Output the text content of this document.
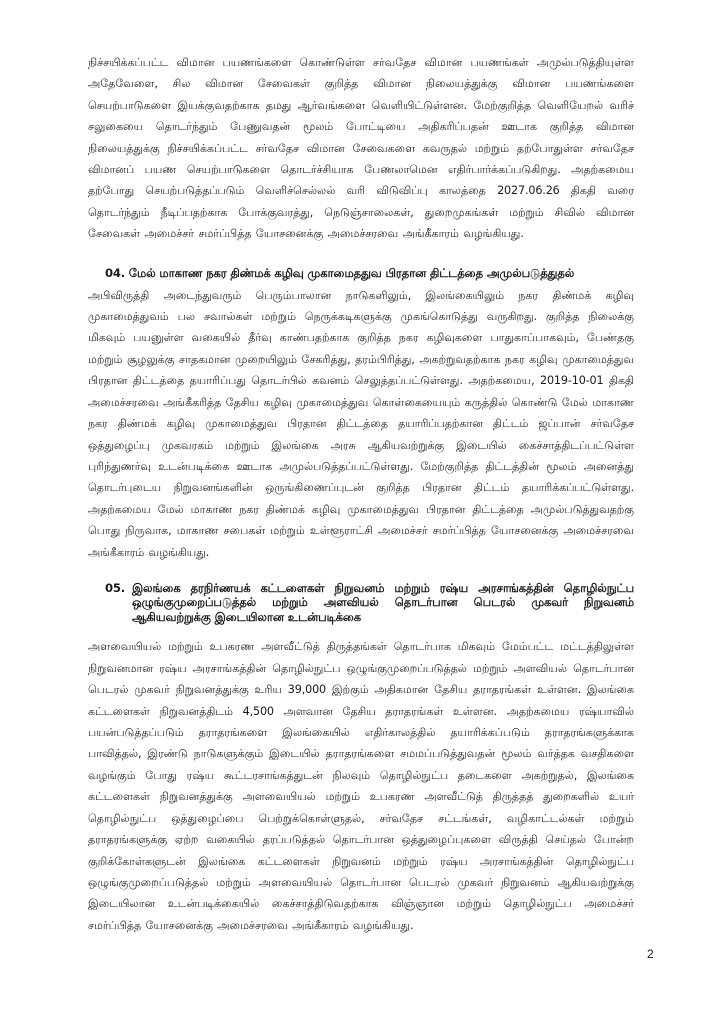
நிச்சயிக்கப்பட்ட விமான பயணங்களை கொண்டுள்ள சர்வதேச விமான பயணங்கள் அமுல்படுத்தியுள்ள அதேவேளை, சில விமான சேவைகள் குறித்த விமான நிலையத்துக்கு விமான பயணங்களை செயற்பாடுகளை இயக்குவதற்காக தமது ஆர்வங்களை வெளியிட்டுள்ளன. மேற்குறித்த வெளியேறல் வரிச் சலுகையை தொடர்ந்தும் பேணுவதன் மூலம் போட்டியை அதிகரிப்பதன் ஊடாக குறித்த விமான நிலையத்துக்கு நிச்சயிக்கப்பட்ட சர்வதேச விமான சேவைகளை கவருதல் மற்றும் தற்போதுள்ள சர்வதேச விமானப் பயண செயற்பாடுகளை தொடர்ச்சியாக பேணலாமென எதிர்பார்க்கப்படுகிறது. அதற்கமைய தற்போது செயற்படுத்தப்படும் வெளிச்செல்லல் வரி விடுவிப்பு காலத்தை 2027.06.26 திகதி வரை தொடர்ந்தும் நீடிப்பதற்காக போக்குவரத்து, நெடுஞ்சாலைகள், துறைமுகங்கள் மற்றும் சிவில் விமான சேவைகள் அமைச்சர் சமர்ப்பித்த யோசனைக்கு அமைச்சரவை அங்கீகாரம் வழங்கியது.

04. மேல் மாகாண நகர திண்மக் கழிவு முகாமைததுவ பிரதான திட்டத்தை அமுல்படுத்துதல்

அபிவிருத்தி அடைந்துவரும் பெரும்பாலான நாடுகளிலும், இலங்கையிலும் நகர திண்மக் கழிவு முகாமைத்துவம் பல சவால்கள் மற்றும் நெருக்கடிகளுக்கு முகங்கொடுத்து வருகிறது. குறித்த நிலைக்கு மிகவும் பயனுள்ள வகையில் தீர்வு காண்பதற்காக குறித்த நகர கழிவுகளை பாதுகாப்பாகவும், பேண்தகு மற்றும் சூழலுக்கு சாதகமான முறையிலும் சேகரித்து, தரம்பிரித்து, அகற்றுவதற்காக நகர கழிவு முகாமைத்துவ பிரதான திட்டத்தை தயாரிப்பது தொடர்பில் கவனம் செலுத்தப்பட்டுள்ளது. அதற்கமைய, 2019-10-01 திகதி அமைச்சரவை அங்கீகரித்த தேசிய கழிவு முகாமைத்துவ கொள்கையையும் கருத்தில் கொண்டு மேல் மாகாண நகர திண்மக் கழிவு முகாமைத்துவ பிரதான திட்டத்தை தயாரிப்பதற்கான திட்டம் ஜப்பான் சர்வதேச ஒத்துழைப்பு முகவரகம் மற்றும் இலங்கை அரசு ஆகியவற்றுக்கு இடையில் கைச்சாத்திடப்பட்டுள்ள புரிந்துணர்வு உடன்படிக்கை ஊடாக அமுல்படுத்தப்பட்டுள்ளது. மேற்குறித்த திட்டத்தின் மூலம் அனைத்து தொடர்புடைய நிறுவனங்களின் ஒருங்கிணைப்புடன் குறித்த பிரதான திட்டம் தயாரிக்கப்பட்டுள்ளது. அதற்கமைய மேல் மாகாண நகர திண்மக் கழிவு முகாமைத்துவ பிரதான திட்டத்தை அமுல்படுத்துவதற்கு பொது நிருவாக, மாகாண சபைகள் மற்றும் உள்ளூராட்சி அமைச்சர் சமர்ப்பித்த யோசனைக்கு அமைச்சரவை அங்கீகாரம் வழங்கியது.

05. இலங்கை தரநிர்ணயக் கட்டளைகள் நிறுவனம் மற்றும் ரஷ்ய அரசாங்கத்தின் தொழில்நுட்ப ஒழுங்குமுறைப்படுத்தல் மற்றும் அளவியல் தொடர்பான பெடரல் முகவர் நிறுவனம் ஆகியவற்றுக்கு இடையிலான உடன்படிக்கை

அளவையியல் மற்றும் உபகரண அளவீட்டுத் திருத்தங்கள் தொடர்பாக மிகவும் மேம்பட்ட மட்டத்திலுள்ள நிறுவனமான ரஷ்ய அரசாங்கத்தின் தொழில்நுட்ப ஒழுங்குமுறைப்படுத்தல் மற்றும் அளவியல் தொடர்பான பெடரல் முகவர் நிறுவனத்துக்கு உரிய 39,000 இற்கும் அதிகமான தேசிய தராதரங்கள் உள்ளன. இலங்கை கட்டளைகள் நிறுவனத்திடம் 4,500 அளவான தேசிய தராதரங்கள் உள்ளன. அதற்கமைய ரஷ்யாவில் பயன்படுத்தப்படும் தராதரங்களை இலங்கையில் எதிர்காலத்தில் தயாரிக்கப்படும் தராதரங்களுக்காக பாவித்தல், இரண்டு நாடுகளுக்கும் இடையில் தராதரங்களை சமமப்படுத்துவதன் மூலம் வர்த்தக வசதிகளை வழங்கும் போது ரஷ்ய கூட்டரசாங்கத்துடன் நிலவும் தொழில்நுட்ப தடைகளை அகற்றுதல், இலங்கை கட்டளைகள் நிறுவனத்துக்கு அளவையியல் மற்றும் உபகரண அளவீட்டுத் திருத்தத் துறைகளில் உயர் தொழில்நுட்ப ஒத்துழைப்பை பெற்றுக்கொள்ளுதல், சர்வதேச சட்டங்கள், வழிகாட்டல்கள் மற்றும் தராதரங்களுக்கு ஏற்ற வகையில் தரப்படுத்தல் தொடர்பான ஒத்துழைப்புகளை விருத்தி செய்தல் போன்ற குறிக்கோள்களுடன் இலங்கை கட்டளைகள் நிறுவனம் மற்றும் ரஷ்ய அரசாங்கத்தின் தொழில்நுட்ப ஒழுங்குமுறைப்படுத்தல் மற்றும் அளவையியல் தொடர்பான பெடரல் முகவர் நிறுவனம் ஆகியவற்றுக்கு இடையிலான உடன்படிக்கையில் கைச்சாத்திடுவதற்காக விஞ்ஞான மற்றும் தொழில்நுட்ப அமைச்சர் சமர்ப்பித்த யோசனைக்கு அமைச்சரவை அங்கீகாரம் வழங்கியது.

2
